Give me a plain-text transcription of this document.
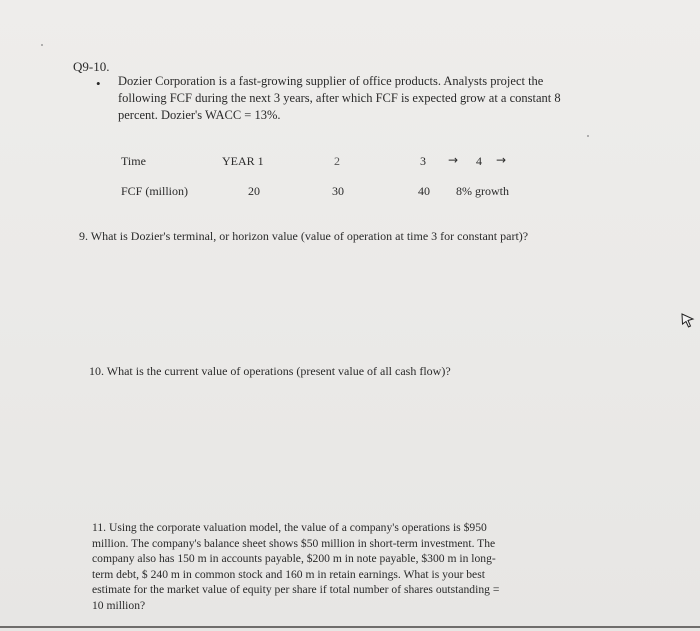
Q9-10.
• Dozier Corporation is a fast-growing supplier of office products. Analysts project the
following FCF during the next 3 years, after which FCF is expected grow at a constant 8
percent. Dozier's WACC = 13%.
Time	YEAR 1	2	3 → 4 →
FCF (million)	20	30	40 8% growth
9. What is Dozier's terminal, or horizon value (value of operation at time 3 for constant part)?
10. What is the current value of operations (present value of all cash flow)?
11. Using the corporate valuation model, the value of a company's operations is $950
million. The company's balance sheet shows $50 million in short-term investment. The
company also has 150 m in accounts payable, $200 m in note payable, $300 m in long-
term debt, $ 240 m in common stock and 160 m in retain earnings. What is your best
estimate for the market value of equity per share if total number of shares outstanding =
10 million?
